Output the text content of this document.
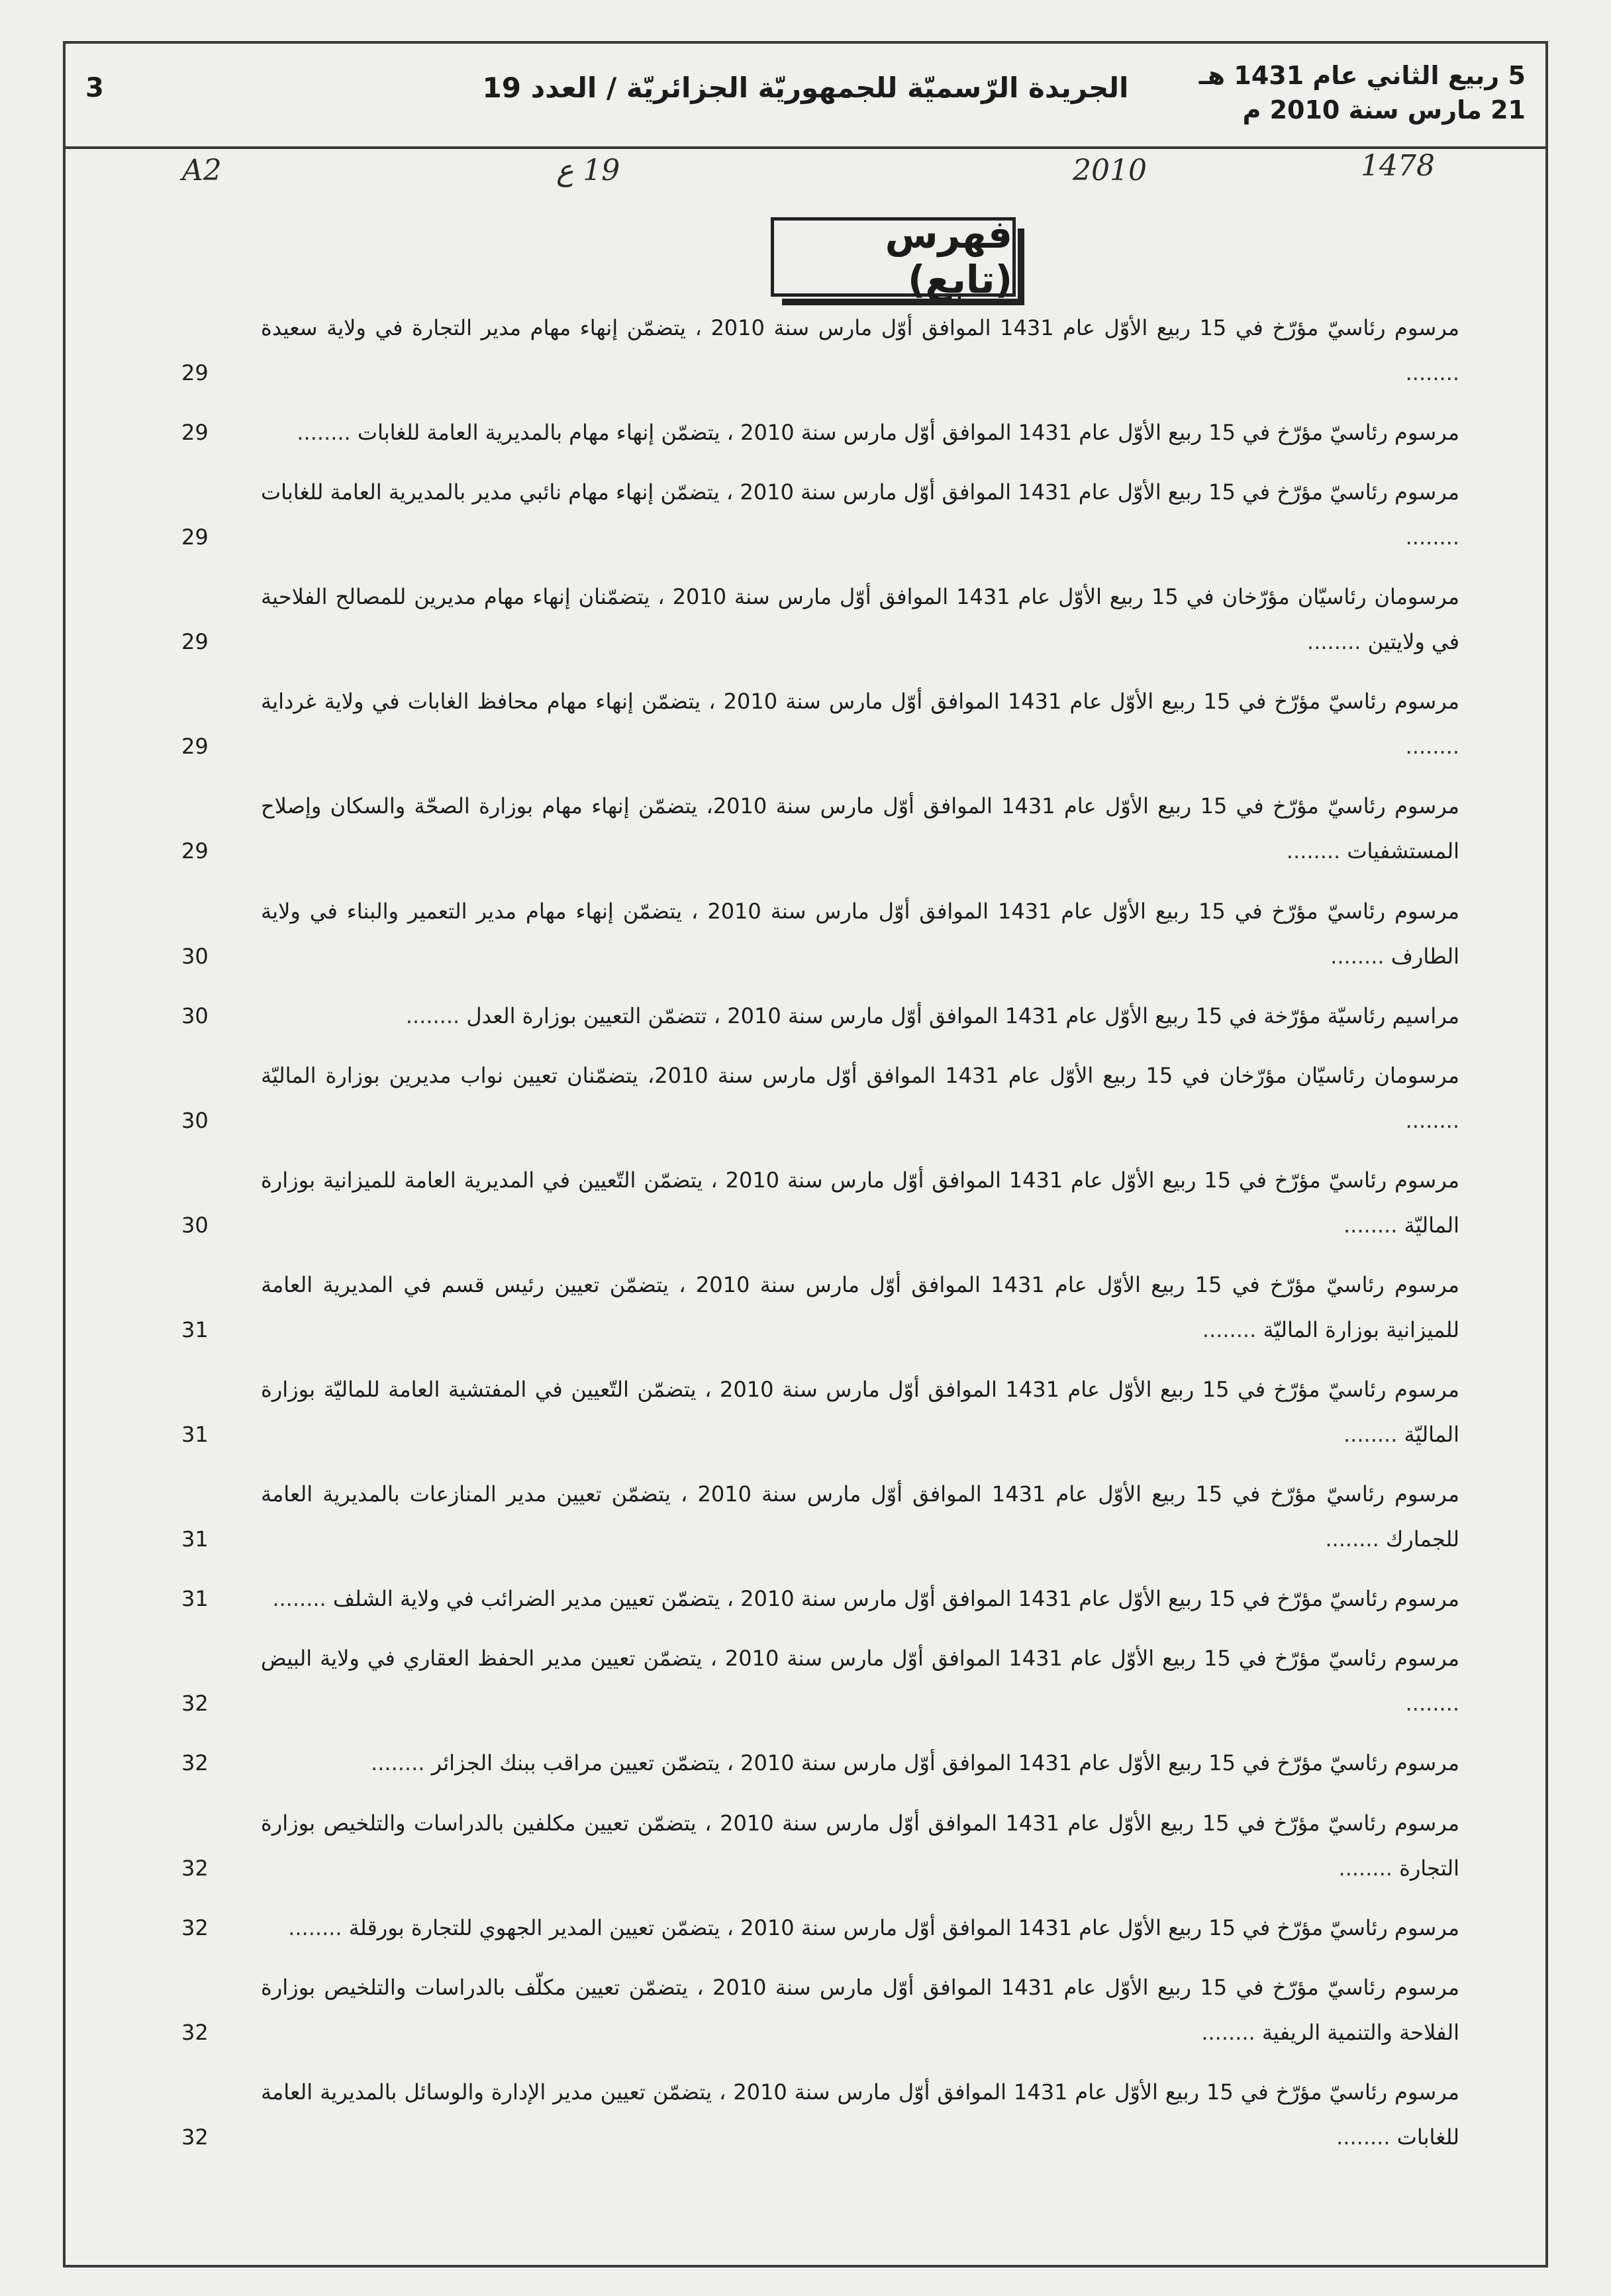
5 ربيع الثاني عام 1431 هـ
21 مارس سنة 2010 م
الجريدة الرّسميّة للجمهوريّة الجزائريّة / العدد 19
3
فهرس (تابع)
مرسوم رئاسيّ مؤرّخ في 15 ربيع الأوّل عام 1431 الموافق أوّل مارس سنة 2010 ، يتضمّن إنهاء مهام مدير التجارة في ولاية سعيدة ........
29
مرسوم رئاسيّ مؤرّخ في 15 ربيع الأوّل عام 1431 الموافق أوّل مارس سنة 2010 ، يتضمّن إنهاء مهام بالمديرية العامة للغابات ........
29
مرسوم رئاسيّ مؤرّخ في 15 ربيع الأوّل عام 1431 الموافق أوّل مارس سنة 2010 ، يتضمّن إنهاء مهام نائبي مدير بالمديرية العامة للغابات ........
29
مرسومان رئاسيّان مؤرّخان في 15 ربيع الأوّل عام 1431 الموافق أوّل مارس سنة 2010 ، يتضمّنان إنهاء مهام مديرين للمصالح الفلاحية في ولايتين ........
29
مرسوم رئاسيّ مؤرّخ في 15 ربيع الأوّل عام 1431 الموافق أوّل مارس سنة 2010 ، يتضمّن إنهاء مهام محافظ الغابات في ولاية غرداية ........
29
مرسوم رئاسيّ مؤرّخ في 15 ربيع الأوّل عام 1431 الموافق أوّل مارس سنة 2010، يتضمّن إنهاء مهام بوزارة الصحّة والسكان وإصلاح المستشفيات ........
29
مرسوم رئاسيّ مؤرّخ في 15 ربيع الأوّل عام 1431 الموافق أوّل مارس سنة 2010 ، يتضمّن إنهاء مهام مدير التعمير والبناء في ولاية الطارف ........
30
مراسيم رئاسيّة مؤرّخة في 15 ربيع الأوّل عام 1431 الموافق أوّل مارس سنة 2010 ، تتضمّن التعيين بوزارة العدل ........
30
مرسومان رئاسيّان مؤرّخان في 15 ربيع الأوّل عام 1431 الموافق أوّل مارس سنة 2010، يتضمّنان تعيين نواب مديرين بوزارة الماليّة ........
30
مرسوم رئاسيّ مؤرّخ في 15 ربيع الأوّل عام 1431 الموافق أوّل مارس سنة 2010 ، يتضمّن التّعيين في المديرية العامة للميزانية بوزارة الماليّة ........
30
مرسوم رئاسيّ مؤرّخ في 15 ربيع الأوّل عام 1431 الموافق أوّل مارس سنة 2010 ، يتضمّن تعيين رئيس قسم في المديرية العامة للميزانية بوزارة الماليّة ........
31
مرسوم رئاسيّ مؤرّخ في 15 ربيع الأوّل عام 1431 الموافق أوّل مارس سنة 2010 ، يتضمّن التّعيين في المفتشية العامة للماليّة بوزارة الماليّة ........
31
مرسوم رئاسيّ مؤرّخ في 15 ربيع الأوّل عام 1431 الموافق أوّل مارس سنة 2010 ، يتضمّن تعيين مدير المنازعات بالمديرية العامة للجمارك ........
31
مرسوم رئاسيّ مؤرّخ في 15 ربيع الأوّل عام 1431 الموافق أوّل مارس سنة 2010 ، يتضمّن تعيين مدير الضرائب في ولاية الشلف ........
31
مرسوم رئاسيّ مؤرّخ في 15 ربيع الأوّل عام 1431 الموافق أوّل مارس سنة 2010 ، يتضمّن تعيين مدير الحفظ العقاري في ولاية البيض ........
32
مرسوم رئاسيّ مؤرّخ في 15 ربيع الأوّل عام 1431 الموافق أوّل مارس سنة 2010 ، يتضمّن تعيين مراقب ببنك الجزائر ........
32
مرسوم رئاسيّ مؤرّخ في 15 ربيع الأوّل عام 1431 الموافق أوّل مارس سنة 2010 ، يتضمّن تعيين مكلفين بالدراسات والتلخيص بوزارة التجارة ........
32
مرسوم رئاسيّ مؤرّخ في 15 ربيع الأوّل عام 1431 الموافق أوّل مارس سنة 2010 ، يتضمّن تعيين المدير الجهوي للتجارة بورقلة ........
32
مرسوم رئاسيّ مؤرّخ في 15 ربيع الأوّل عام 1431 الموافق أوّل مارس سنة 2010 ، يتضمّن تعيين مكلّف بالدراسات والتلخيص بوزارة الفلاحة والتنمية الريفية ........
32
مرسوم رئاسيّ مؤرّخ في 15 ربيع الأوّل عام 1431 الموافق أوّل مارس سنة 2010 ، يتضمّن تعيين مدير الإدارة والوسائل بالمديرية العامة للغابات ........
32
A2	19 ع	2010	1478
